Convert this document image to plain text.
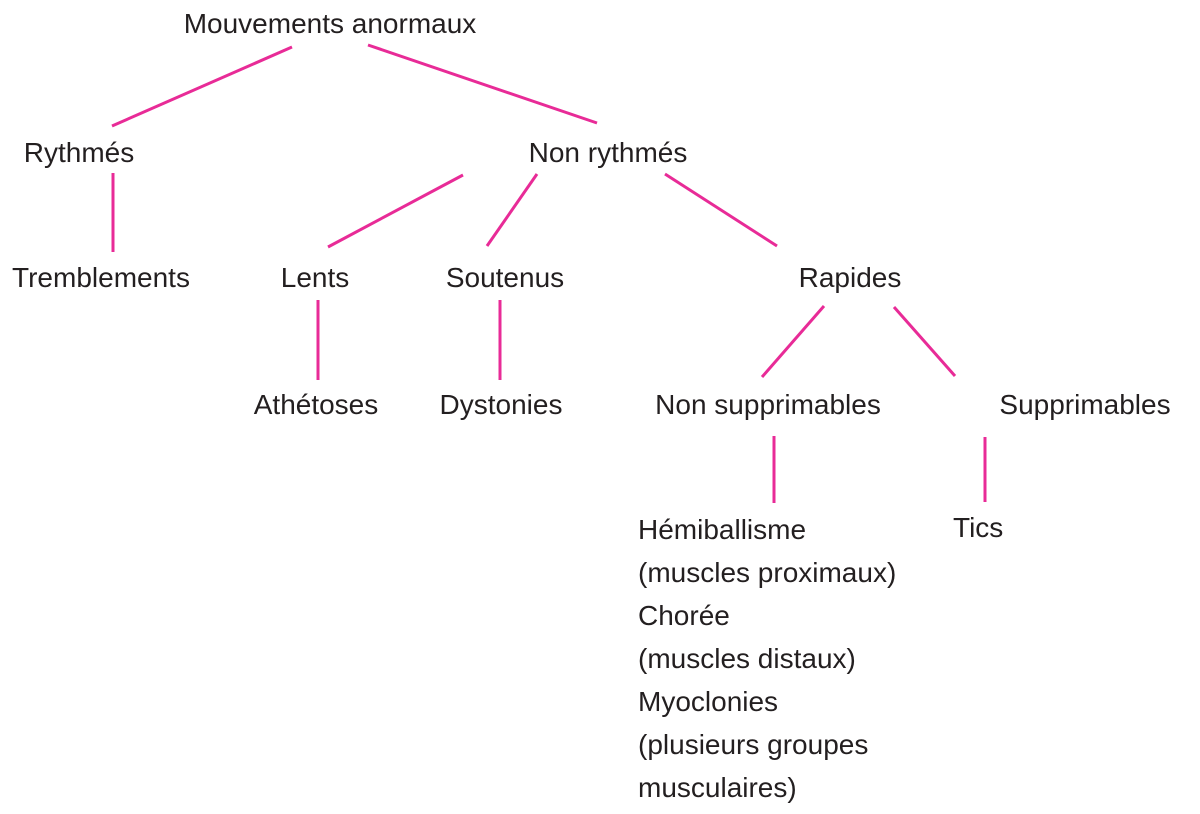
Mouvements anormaux
Rythmés	Non rythmés
Tremblements	Lents	Soutenus	Rapides
Athétoses Dystonies	Non supprimables	Supprimables
Hémiballisme
(muscles proximaux)
Chorée
(muscles distaux)
Myoclonies
(plusieurs groupes
musculaires)
Tics
